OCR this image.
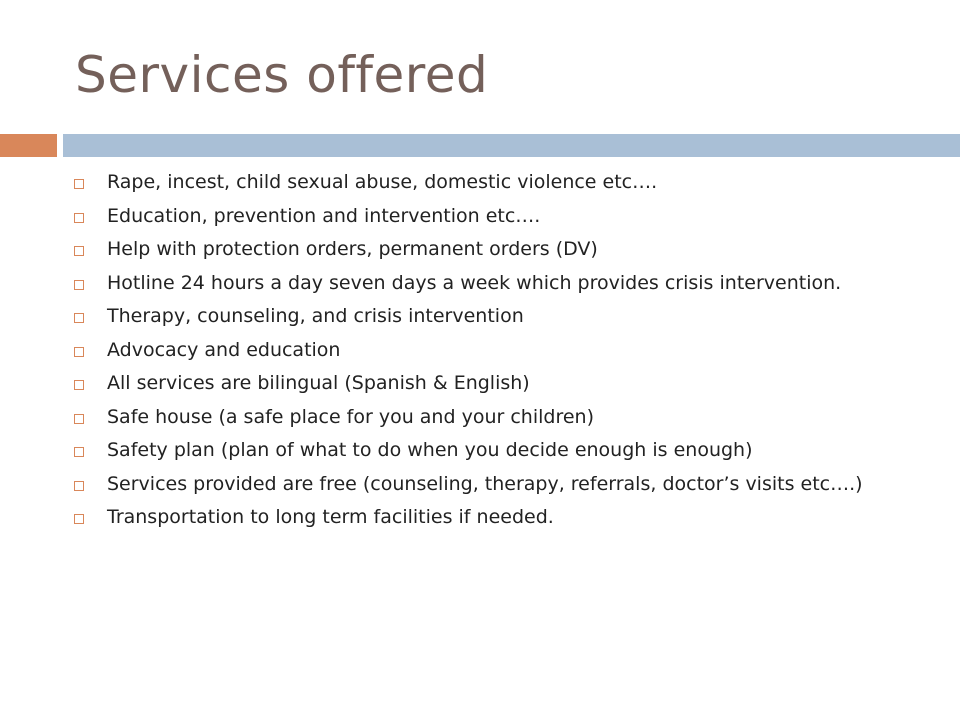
Services offered
Rape, incest, child sexual abuse, domestic violence etc….
Education, prevention and intervention etc….
Help with protection orders, permanent orders (DV)
Hotline 24 hours a day seven days a week which provides crisis intervention.
Therapy, counseling, and crisis intervention
Advocacy and education
All services are bilingual (Spanish & English)
Safe house (a safe place for you and your children)
Safety plan (plan of what to do when you decide enough is enough)
Services provided are free (counseling, therapy, referrals, doctor’s visits etc….)
Transportation to long term facilities if needed.
